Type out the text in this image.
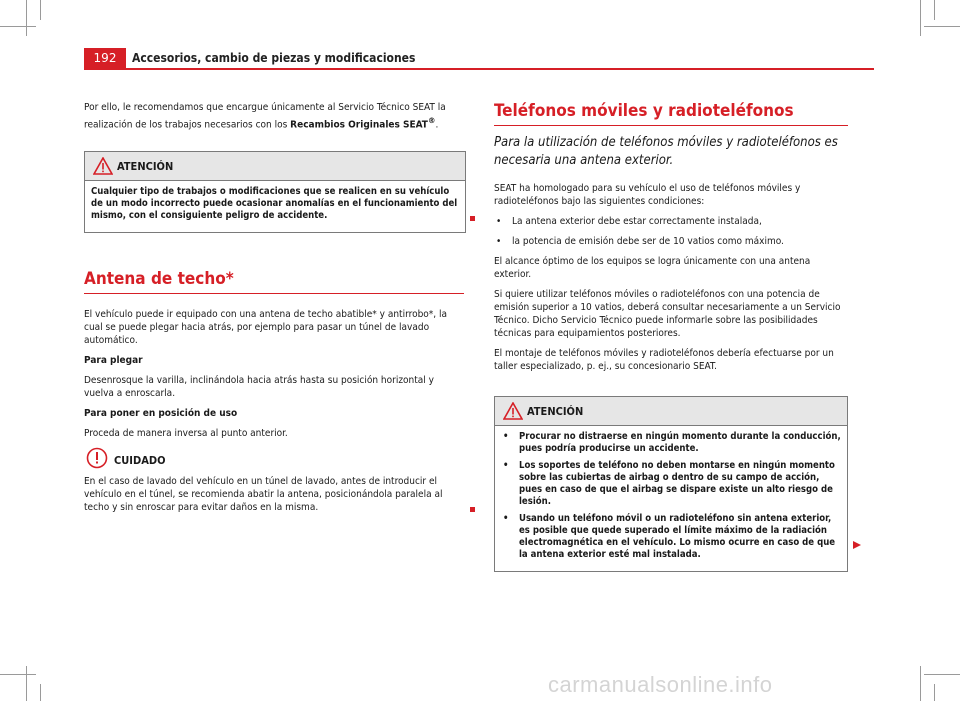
192	Accesorios, cambio de piezas y modificaciones

Por ello, le recomendamos que encargue únicamente al Servicio Técnico SEAT la realización de los trabajos necesarios con los Recambios Originales SEAT®.

ATENCIÓN

Cualquier tipo de trabajos o modificaciones que se realicen en su vehículo de un modo incorrecto puede ocasionar anomalías en el funcionamiento del mismo, con el consiguiente peligro de accidente.

Antena de techo*

El vehículo puede ir equipado con una antena de techo abatible* y antirrobo*, la cual se puede plegar hacia atrás, por ejemplo para pasar un túnel de lavado automático.

Para plegar

Desenrosque la varilla, inclinándola hacia atrás hasta su posición horizontal y vuelva a enroscarla.

Para poner en posición de uso

Proceda de manera inversa al punto anterior.

CUIDADO

En el caso de lavado del vehículo en un túnel de lavado, antes de introducir el vehículo en el túnel, se recomienda abatir la antena, posicionándola paralela al techo y sin enroscar para evitar daños en la misma.

Teléfonos móviles y radioteléfonos

Para la utilización de teléfonos móviles y radioteléfonos es necesaria una antena exterior.

SEAT ha homologado para su vehículo el uso de teléfonos móviles y radioteléfonos bajo las siguientes condiciones:

• La antena exterior debe estar correctamente instalada,

• la potencia de emisión debe ser de 10 vatios como máximo.

El alcance óptimo de los equipos se logra únicamente con una antena exterior.

Si quiere utilizar teléfonos móviles o radioteléfonos con una potencia de emisión superior a 10 vatios, deberá consultar necesariamente a un Servicio Técnico. Dicho Servicio Técnico puede informarle sobre las posibilidades técnicas para equipamientos posteriores.

El montaje de teléfonos móviles y radioteléfonos debería efectuarse por un taller especializado, p. ej., su concesionario SEAT.

ATENCIÓN

• Procurar no distraerse en ningún momento durante la conducción, pues podría producirse un accidente.

• Los soportes de teléfono no deben montarse en ningún momento sobre las cubiertas de airbag o dentro de su campo de acción, pues en caso de que el airbag se dispare existe un alto riesgo de lesión.

• Usando un teléfono móvil o un radioteléfono sin antena exterior, es posible que quede superado el límite máximo de la radiación electromagnética en el vehículo. Lo mismo ocurre en caso de que la antena exterior esté mal instalada.

carmanualsonline.info
